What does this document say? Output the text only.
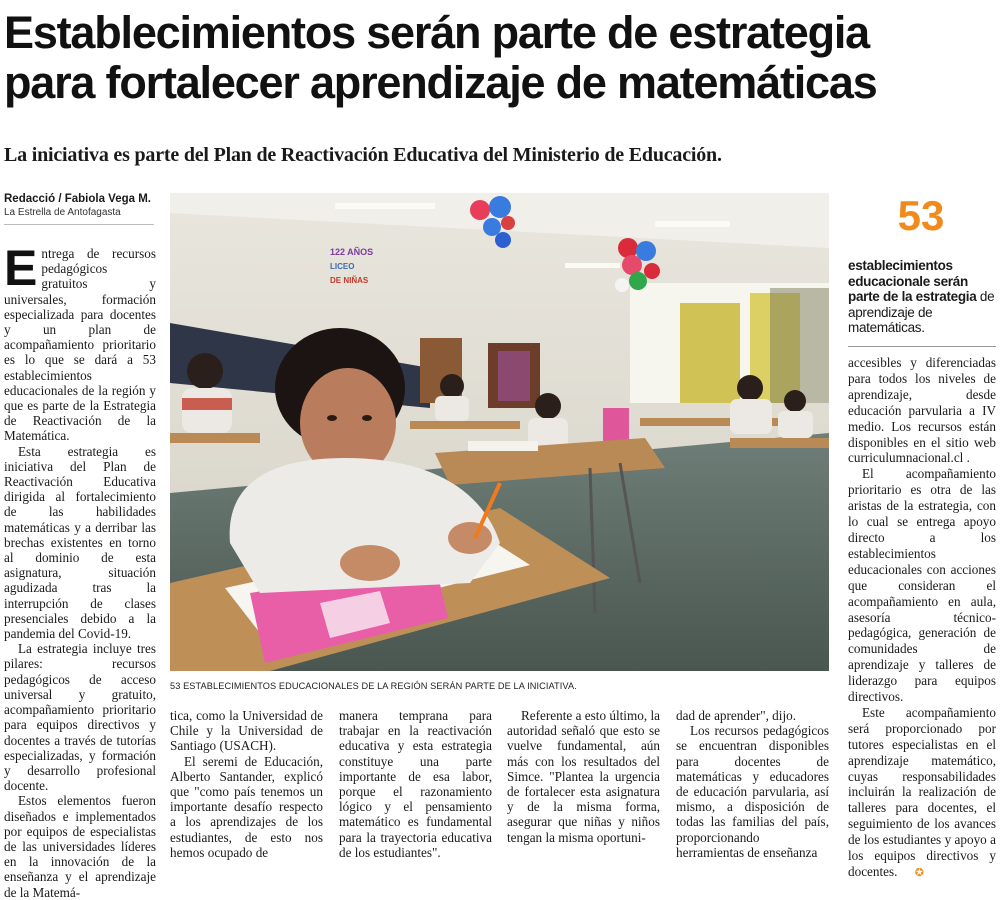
Establecimientos serán parte de estrategia
para fortalecer aprendizaje de matemáticas
La iniciativa es parte del Plan de Reactivación Educativa del Ministerio de Educación.
Redacció / Fabiola Vega M.
La Estrella de Antofagasta

Entrega de recursos pedagógicos gratuitos y universales, formación especializada para docentes y un plan de acompañamiento prioritario es lo que se dará a 53 establecimientos educacionales de la región y que es parte de la Estrategia de Reactivación de la Matemática.

Esta estrategia es iniciativa del Plan de Reactivación Educativa dirigida al fortalecimiento de las habilidades matemáticas y a derribar las brechas existentes en torno al dominio de esta asignatura, situación agudizada tras la interrupción de clases presenciales debido a la pandemia del Covid-19.

La estrategia incluye tres pilares: recursos pedagógicos de acceso universal y gratuito, acompañamiento prioritario para equipos directivos y docentes a través de tutorías especializadas, y formación y desarrollo profesional docente.

Estos elementos fueron diseñados e implementados por equipos de especialistas de las universidades líderes en la innovación de la enseñanza y el aprendizaje de la Matemá-

122 AÑOS
LICEO
DE NIÑAS
53 ESTABLECIMIENTOS EDUCACIONALES DE LA REGIÓN SERÁN PARTE DE LA INICIATIVA.
53
establecimientos educacionale serán parte de la estrategia de aprendizaje de matemáticas.

tica, como la Universidad de Chile y la Universidad de Santiago (USACH).

El seremi de Educación, Alberto Santander, explicó que "como país tenemos un importante desafío respecto a los aprendizajes de los estudiantes, de esto nos hemos ocupado de

manera temprana para trabajar en la reactivación educativa y esta estrategia constituye una parte importante de esa labor, porque el razonamiento lógico y el pensamiento matemático es fundamental para la trayectoria educativa de los estudiantes".

Referente a esto último, la autoridad señaló que esto se vuelve fundamental, aún más con los resultados del Simce. "Plantea la urgencia de fortalecer esta asignatura y de la misma forma, asegurar que niñas y niños tengan la misma oportuni-

dad de aprender", dijo.

Los recursos pedagógicos se encuentran disponibles para docentes de matemáticas y educadores de educación parvularia, así mismo, a disposición de todas las familias del país, proporcionando herramientas de enseñanza

accesibles y diferenciadas para todos los niveles de aprendizaje, desde educación parvularia a IV medio. Los recursos están disponibles en el sitio web curriculumnacional.cl .

El acompañamiento prioritario es otra de las aristas de la estrategia, con lo cual se entrega apoyo directo a los establecimientos educacionales con acciones que consideran el acompañamiento en aula, asesoría técnico-pedagógica, generación de comunidades de aprendizaje y talleres de liderazgo para equipos directivos.

Este acompañamiento será proporcionado por tutores especialistas en el aprendizaje matemático, cuyas responsabilidades incluirán la realización de talleres para docentes, el seguimiento de los avances de los estudiantes y apoyo a los equipos directivos y docentes. ✪
